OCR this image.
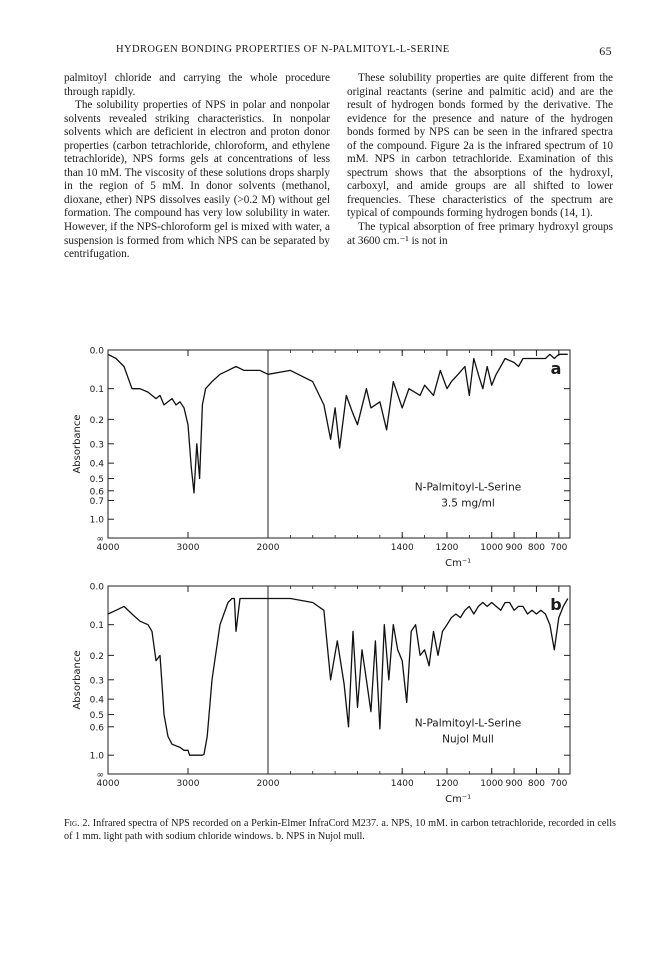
HYDROGEN BONDING PROPERTIES OF N-PALMITOYL-L-SERINE	65

palmitoyl chloride and carrying the whole procedure through rapidly.

The solubility properties of NPS in polar and nonpolar solvents revealed striking characteristics. In nonpolar solvents which are deficient in electron and proton donor properties (carbon tetrachloride, chloroform, and ethylene tetrachloride), NPS forms gels at concentrations of less than 10 mM. The viscosity of these solutions drops sharply in the region of 5 mM. In donor solvents (methanol, dioxane, ether) NPS dissolves easily (>0.2 M) without gel formation. The compound has very low solubility in water. However, if the NPS-chloroform gel is mixed with water, a suspension is formed from which NPS can be separated by centrifugation.

These solubility properties are quite different from the original reactants (serine and palmitic acid) and are the result of hydrogen bonds formed by the derivative. The evidence for the presence and nature of the hydrogen bonds formed by NPS can be seen in the infrared spectra of the compound. Figure 2a is the infrared spectrum of 10 mM. NPS in carbon tetrachloride. Examination of this spectrum shows that the absorptions of the hydroxyl, carboxyl, and amide groups are all shifted to lower frequencies. These characteristics of the spectrum are typical of compounds forming hydrogen bonds (14, 1).

The typical absorption of free primary hydroxyl groups at 3600 cm.⁻¹ is not in

0.0
0.1
0.2
0.3
0.4
0.5
0.6
0.7
1.0
∞
4000	3000	2000	1400 1200 1000 900 800 700
Absorbance
Cm⁻¹
a
N-Palmitoyl-L-Serine
3.5 mg/ml
0.0
0.1
0.2
0.3
0.4
0.5
0.6
1.0
∞
4000	3000	2000	1400 1200 1000 900 800 700
Absorbance
Cm⁻¹
b
N-Palmitoyl-L-Serine
Nujol Mull
Fig. 2. Infrared spectra of NPS recorded on a Perkin-Elmer InfraCord M237. a. NPS, 10 mM. in carbon tetrachloride, recorded in cells of 1 mm. light path with sodium chloride windows. b. NPS in Nujol mull.
